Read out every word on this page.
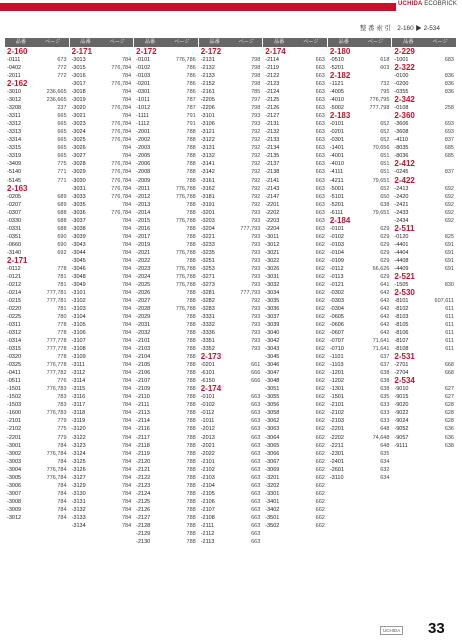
UCHIDA ECOBRICK
整 番 索 引　2-160 ▶ 2-534
品番	ページ
2-160
-0111	673
-0402	772
-2011	772
2-162
-3010	236,665
-3012	236,665
-3208	237
-3311	665
-3312	665
-3313	665
-3314	665
-3315	665
-3319	665
-3409	775
-5140	771
-5145	771
2-163
-0205	689
-0207	689
-0307	688
-0330	688
-0331	688
-0351	690
-0660	690
-3140	692
2-171
-0112	778
-0121	781
-0212	781
-0214	777,781
-0215	777,781
-0220	781
-0225	780
-0311	778
-0312	778
-0314	777,778
-0315	777,778
-0320	778
-0325	776,778
-0411	777,782
-0511	776
-1501	776,783
-1502	783
-1503	783
-1600	776,783
-2101	779
-2102	775
-2201	779
-3001	784
-3002	776,784
-3003	784
-3004	776,784
-3005	776,784
-3006	784
-3007	784
-3008	784
-3009	784
-3012	784
品番	ページ
2-171
-3013	784
-3015	776,784
-3016	784
-3017	776,784
-3018	784
-3019	784
-3020	776,784
-3021	784
-3023	776,784
-3024	776,784
-3025	776,784
-3026	784
-3027	784
-3028	776,784
-3029	776,784
-3030	776,784
-3031	776,784
-3033	776,784
-3035	784
-3036	776,784
-3037	784
-3038	784
-3039	784
-3043	784
-3044	784
-3045	784
-3046	784
-3048	784
-3049	784
-3101	784
-3102	784
-3103	784
-3104	784
-3105	784
-3106	784
-3107	784
-3108	784
-3109	784
-3111	784
-3112	784
-3114	784
-3115	784
-3116	784
-3117	784
-3118	784
-3119	784
-3120	784
-3122	784
-3123	784
-3124	784
-3125	784
-3126	784
-3127	784
-3129	784
-3130	784
-3131	784
-3132	784
-3133	784
-3134	784
品番	ページ
2-172
-0101	776,786
-0102	786
-0103	786
-0201	786
-0301	786
-1011	787
-1012	787
-1111	791
-1112	791
-2001	788
-2002	788
-2003	788
-2005	788
-2006	788
-2008	788
-2009	788
-2011	776,788
-2012	776,788
-2013	788
-2014	788
-2015	776,788
-2016	788
-2017	788
-2019	788
-2021	776,788
-2022	788
-2023	776,788
-2024	776,788
-2025	776,788
-2026	788
-2027	788
-2028	776,788
-2029	788
-2031	788
-2032	788
-2101	788
-2103	788
-2104	788
-2105	788
-2106	788
-2107	788
-2109	788
-2110	788
-2111	788
-2113	788
-2114	788
-2116	788
-2117	788
-2118	788
-2119	788
-2120	788
-2121	788
-2122	788
-2123	788
-2124	788
-2125	788
-2126	788
-2127	788
-2128	788
-2129	788
-2130	788
品番	ページ
2-172
-2131	798
-2132	798
-2133	798
-2152	798
-2161	785
-2205	797
-2206	798
-3101	793
-3106	793
-3121	792
-3122	792
-3131	792
-3132	792
-3141	792
-3142	792
-3161	792
-3162	792
-3181	792
-3191	792
-3201	793
-3203	793
-3204	777,793
-3221	793
-3233	793
-3235	793
-3251	793
-3253	793
-3271	793
-3273	793
-3281	777,793
-3282	792
-3283	793
-3331	793
-3332	793
-3336	793
-3351	793
-3352	793
2-173
-0201	661
-6101	666
-6150	666
2-174
-0101	663
-0102	663
-0112	663
-1011	663
-2012	663
-2013	663
-2021	663
-2022	663
-2101	663
-2102	663
-2103	663
-2104	663
-2105	663
-2106	663
-2107	663
-2108	663
-2111	663
-2112	663
-2113	663
品番	ページ
2-174
-2114	663
-2119	663
-2122	663
-2123	663
-2124	663
-2125	663
-2126	663
-2127	663
-2131	663
-2132	663
-2133	663
-2134	663
-2135	663
-2137	663
-2138	663
-2141	663
-2143	663
-2147	663
-2201	663
-2202	663
-2203	663
-2204	663
-3011	662
-3012	662
-3021	662
-3022	662
-3026	662
-3031	662
-3032	662
-3034	662
-3035	662
-3036	662
-3037	662
-3039	662
-3040	662
-3042	662
-3043	662
-3045	662
-3046	662
-3047	662
-3048	662
-3051	662
-3055	662
-3056	662
-3058	662
-3062	662
-3063	662
-3064	662
-3065	662
-3066	662
-3067	662
-3069	662
-3201	662
-3202	662
-3301	662
-3401	662
-3402	662
-3501	662
-3502	662
品番	ページ
2-180
-0510	618
-5201	603
2-182
-1121	732
-4005	795
-4010	776,795
-5002	777,798
2-183
-0101	652
-0201	652
-0301	652
-1401	70,656
-4001	651
-4010	651
-4111	651
-4211	79,651
-5001	652
-5101	650
-5201	638
-6111	79,651
2-184
-0101	629
-0102	629
-0103	629
-0104	629
-0109	629
-0112	66,626
-0113	629
-0121	641
-0302	642
-0303	642
-0304	642
-0605	642
-0606	642
-0607	642
-0707	71,641
-0710	71,641
-1101	637
-1103	637
-1201	638
-1202	638
-1301	638
-1501	635
-2101	633
-2102	633
-2103	633
-2201	648
-2202	74,648
-2211	648
-2301	635
-2401	634
-2601	632
-3110	634
品番	ページ
2-229
-1001	683
2-322
-0100	836
-0200	836
-0355	836
2-342
-0108	258
2-360
-3606	693
-3608	693
-4110	837
-8035	685
-8036	685
2-412
-0245	837
2-422
-2413	692
-2420	692
-2421	692
-2433	692
-2434	692
2-511
-0120	825
-4401	691
-4404	691
-4408	691
-4409	691
2-521
-1505	830
2-530
-8101	607,611
-8102	611
-8103	611
-8105	611
-8106	611
-8107	611
-8108	611
2-531
-2701	668
-2704	668
2-534
-9010	627
-9015	627
-9020	628
-9022	628
-9024	628
-9052	636
-9057	636
-9111	638
UCHIDA 33
